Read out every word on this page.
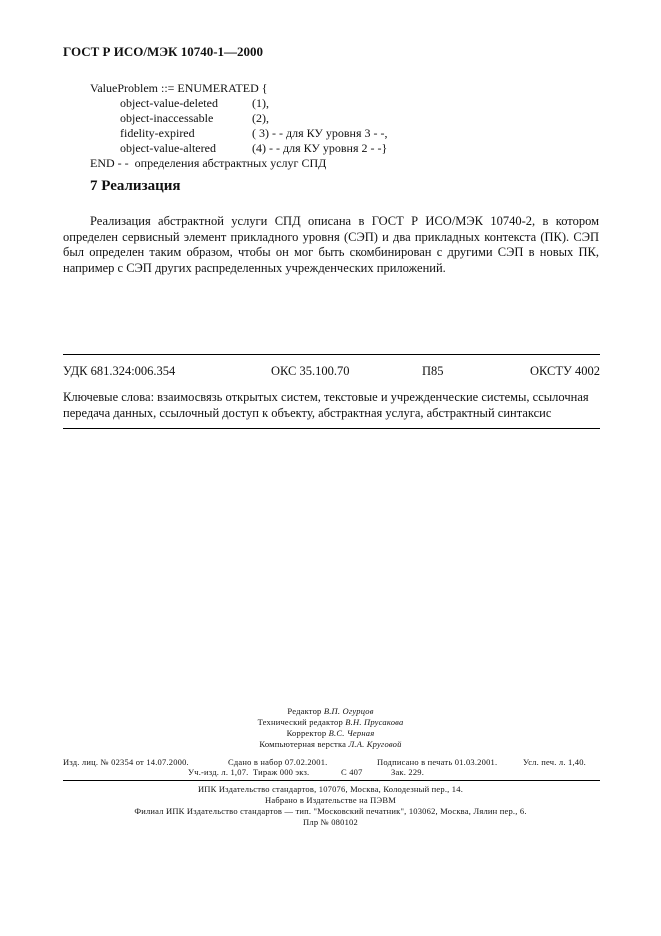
ГОСТ Р ИСО/МЭК 10740-1—2000
ValueProblem ::= ENUMERATED {
object-value-deleted	(1),
object-inaccessable	(2),
fidelity-expired	( 3) - - для КУ уровня 3 - -,
object-value-altered	(4) - - для КУ уровня 2 - -}
END - -  определения абстрактных услуг СПД
7 Реализация
Реализация абстрактной услуги СПД описана в ГОСТ Р ИСО/МЭК 10740-2, в котором определен сервисный элемент прикладного уровня (СЭП) и два прикладных контекста (ПК). СЭП был определен таким образом, чтобы он мог быть скомбинирован с другими СЭП в новых ПК, например с СЭП других распределенных учрежденческих приложений.
УДК 681.324:006.354	ОКС 35.100.70	П85	ОКСТУ 4002
Ключевые слова: взаимосвязь открытых систем, текстовые и учрежденческие системы, ссылочная передача данных, ссылочный доступ к объекту, абстрактная услуга, абстрактный синтаксис
Редактор В.П. Огурцов
Технический редактор В.Н. Прусакова
Корректор В.С. Черная
Компьютерная верстка Л.А. Круговой
Изд. лиц. № 02354 от 14.07.2000.	Сдано в набор 07.02.2001.	Подписано в печать 01.03.2001.	Усл. печ. л. 1,40.
Уч.-изд. л. 1,07. Тираж 000 экз.	С 407	Зак. 229.
ИПК Издательство стандартов, 107076, Москва, Колодезный пер., 14.
Набрано в Издательстве на ПЭВМ
Филиал ИПК Издательство стандартов — тип. "Московский печатник", 103062, Москва, Лялин пер., 6.
Плр № 080102
